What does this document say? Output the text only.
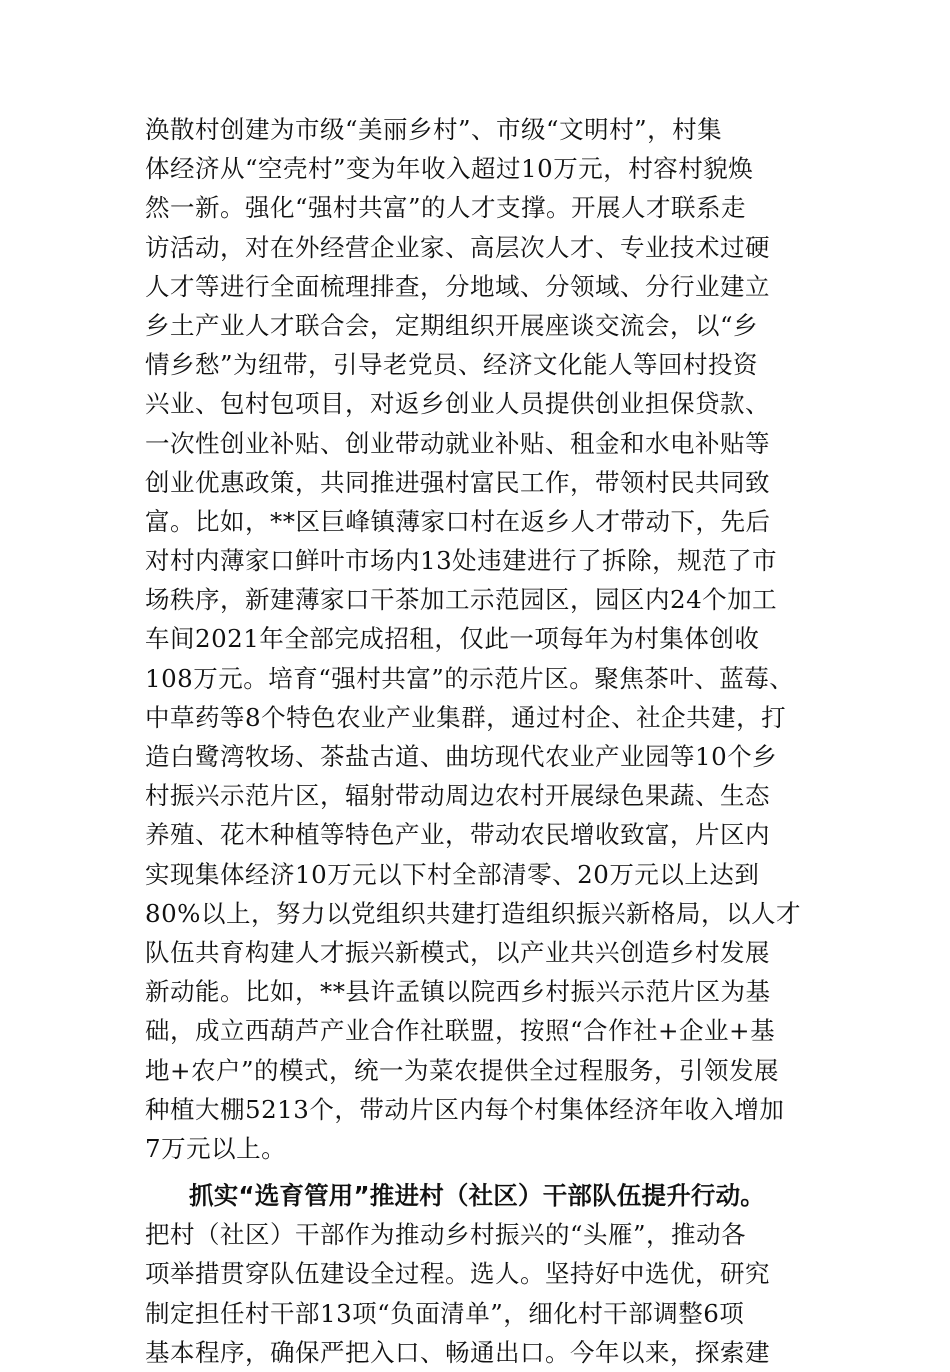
涣散村创建为市级“美丽乡村”、市级“文明村”，村集
体经济从“空壳村”变为年收入超过10万元，村容村貌焕
然一新。强化“强村共富”的人才支撑。开展人才联系走
访活动，对在外经营企业家、高层次人才、专业技术过硬
人才等进行全面梳理排查，分地域、分领域、分行业建立
乡土产业人才联合会，定期组织开展座谈交流会，以“乡
情乡愁”为纽带，引导老党员、经济文化能人等回村投资
兴业、包村包项目，对返乡创业人员提供创业担保贷款、
一次性创业补贴、创业带动就业补贴、租金和水电补贴等
创业优惠政策，共同推进强村富民工作，带领村民共同致
富。比如，**区巨峰镇薄家口村在返乡人才带动下，先后
对村内薄家口鲜叶市场内13处违建进行了拆除，规范了市
场秩序，新建薄家口干茶加工示范园区，园区内24个加工
车间2021年全部完成招租，仅此一项每年为村集体创收
108万元。培育“强村共富”的示范片区。聚焦茶叶、蓝莓、
中草药等8个特色农业产业集群，通过村企、社企共建，打
造白鹭湾牧场、茶盐古道、曲坊现代农业产业园等10个乡
村振兴示范片区，辐射带动周边农村开展绿色果蔬、生态
养殖、花木种植等特色产业，带动农民增收致富，片区内
实现集体经济10万元以下村全部清零、20万元以上达到
80%以上，努力以党组织共建打造组织振兴新格局，以人才
队伍共育构建人才振兴新模式，以产业共兴创造乡村发展
新动能。比如，**县许孟镇以院西乡村振兴示范片区为基
础，成立西葫芦产业合作社联盟，按照“合作社+企业+基
地+农户”的模式，统一为菜农提供全过程服务，引领发展
种植大棚5213个，带动片区内每个村集体经济年收入增加
7万元以上。
抓实“选育管用”推进村（社区）干部队伍提升行动。
把村（社区）干部作为推动乡村振兴的“头雁”，推动各
项举措贯穿队伍建设全过程。选人。坚持好中选优，研究
制定担任村干部13项“负面清单”，细化村干部调整6项
基本程序，确保严把入口、畅通出口。今年以来，探索建
